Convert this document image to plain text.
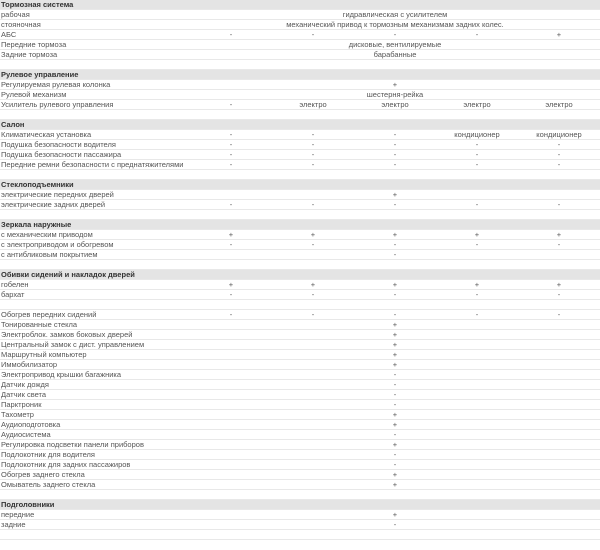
Тормозная система					
рабочая	гидравлическая с усилителем				
стояночная	механический привод к тормозным механизмам задних колес.				
АБС	-	-	-	-	+
Передние тормоза	дисковые, вентилируемые				
Задние тормоза	барабанные				

Рулевое управление					
Регулируемая рулевая колонка	+				
Рулевой механизм	шестерня-рейка				
Усилитель рулевого управления	-	электро	электро	электро	электро

Салон					
Климатическая установка	-	-	-	кондиционер	кондиционер
Подушка безопасности водителя	-	-	-	-	-
Подушка безопасности пассажира	-	-	-	-	-
Передние ремни безопасности с преднатяжителями	-	-	-	-	-

Стеклоподъемники					
электрические передних дверей	+				
электрические задних дверей	-	-	-	-	-

Зеркала наружные					
с механическим приводом	+	+	+	+	+
с электроприводом и обогревом	-	-	-	-	-
с антибликовым покрытием	-				

Обивки сидений и накладок дверей					
гобелен	+	+	+	+	+
бархат	-	-	-	-	-

Обогрев передних сидений	-	-	-	-	-
Тонированные стекла	+				
Электроблок. замков боковых дверей	+				
Центральный замок с дист. управлением	+				
Маршрутный компьютер	+				
Иммобилизатор	+				
Электропривод крышки багажника	-				
Датчик дождя	-				
Датчик света	-				
Парктроник	-				
Тахометр	+				
Аудиоподготовка	+				
Аудиосистема	-				
Регулировка подсветки панели приборов	+				
Подлокотник для водителя	-				
Подлокотник для задних пассажиров	-				
Обогрев заднего стекла	+				
Омыватель заднего стекла	+				

Подголовники					
передние	+				
задние	-				
